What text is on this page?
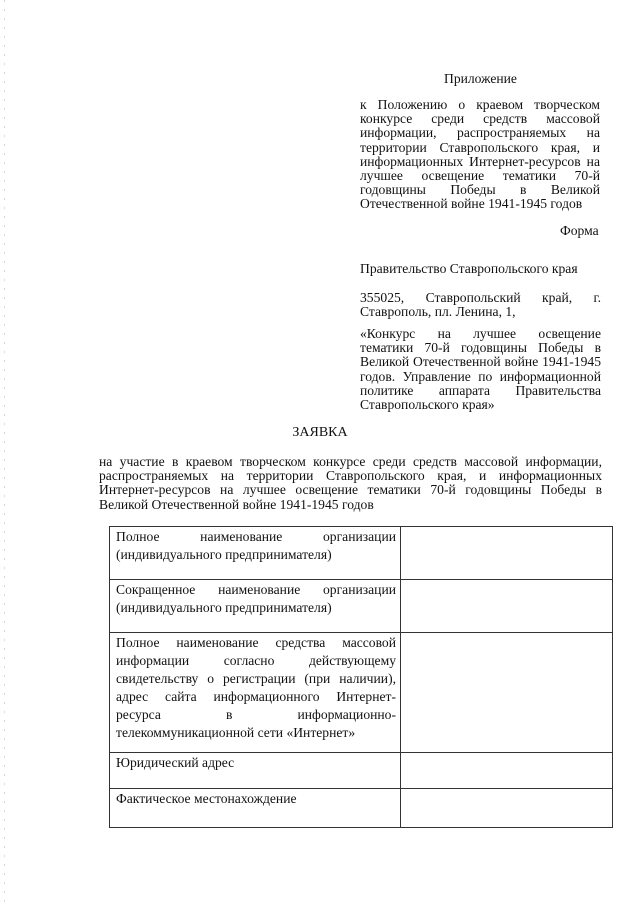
Приложение
к Положению о краевом творческом конкурсе среди средств массовой информации, распространяемых на территории Ставропольского края, и информационных Интернет-ресурсов на лучшее освещение тематики 70-й годовщины Победы в Великой Отечественной войне 1941-1945 годов
Форма
Правительство Ставропольского края
355025, Ставропольский край, г. Ставрополь, пл. Ленина, 1,
«Конкурс на лучшее освещение тематики 70-й годовщины Победы в Великой Отечественной войне 1941-1945 годов. Управление по информационной политике аппарата Правительства Ставропольского края»
ЗАЯВКА
на участие в краевом творческом конкурсе среди средств массовой информации, распространяемых на территории Ставропольского края, и информационных Интернет-ресурсов на лучшее освещение тематики 70-й годовщины Победы в Великой Отечественной войне 1941-1945 годов
Полное наименование организации (индивидуального предпринимателя)	
Сокращенное наименование организации (индивидуального предпринимателя)	
Полное наименование средства массовой информации согласно действующему свидетельству о регистрации (при наличии), адрес сайта информационного Интернет-ресурса в информационно-телекоммуникационной сети «Интернет»	
Юридический адрес	
Фактическое местонахождение	
